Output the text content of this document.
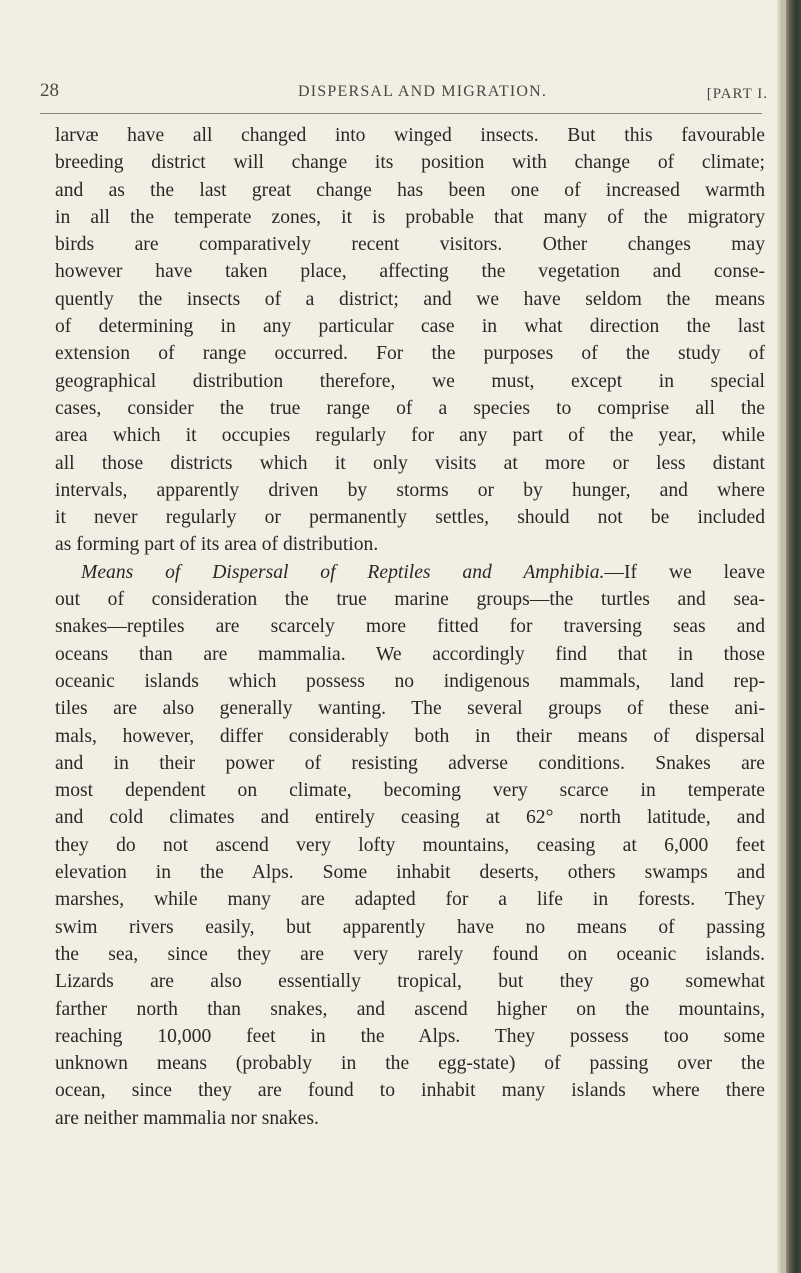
28	DISPERSAL AND MIGRATION.	[PART I.
larvæ have all changed into winged insects. But this favourable
breeding district will change its position with change of climate;
and as the last great change has been one of increased warmth
in all the temperate zones, it is probable that many of the migratory
birds are comparatively recent visitors. Other changes may
however have taken place, affecting the vegetation and conse-
quently the insects of a district; and we have seldom the means
of determining in any particular case in what direction the last
extension of range occurred. For the purposes of the study of
geographical distribution therefore, we must, except in special
cases, consider the true range of a species to comprise all the
area which it occupies regularly for any part of the year, while
all those districts which it only visits at more or less distant
intervals, apparently driven by storms or by hunger, and where
it never regularly or permanently settles, should not be included
as forming part of its area of distribution.
Means of Dispersal of Reptiles and Amphibia.—If we leave
out of consideration the true marine groups—the turtles and sea-
snakes—reptiles are scarcely more fitted for traversing seas and
oceans than are mammalia. We accordingly find that in those
oceanic islands which possess no indigenous mammals, land rep-
tiles are also generally wanting. The several groups of these ani-
mals, however, differ considerably both in their means of dispersal
and in their power of resisting adverse conditions. Snakes are
most dependent on climate, becoming very scarce in temperate
and cold climates and entirely ceasing at 62° north latitude, and
they do not ascend very lofty mountains, ceasing at 6,000 feet
elevation in the Alps. Some inhabit deserts, others swamps and
marshes, while many are adapted for a life in forests. They
swim rivers easily, but apparently have no means of passing
the sea, since they are very rarely found on oceanic islands.
Lizards are also essentially tropical, but they go somewhat
farther north than snakes, and ascend higher on the mountains,
reaching 10,000 feet in the Alps. They possess too some
unknown means (probably in the egg-state) of passing over the
ocean, since they are found to inhabit many islands where there
are neither mammalia nor snakes.
